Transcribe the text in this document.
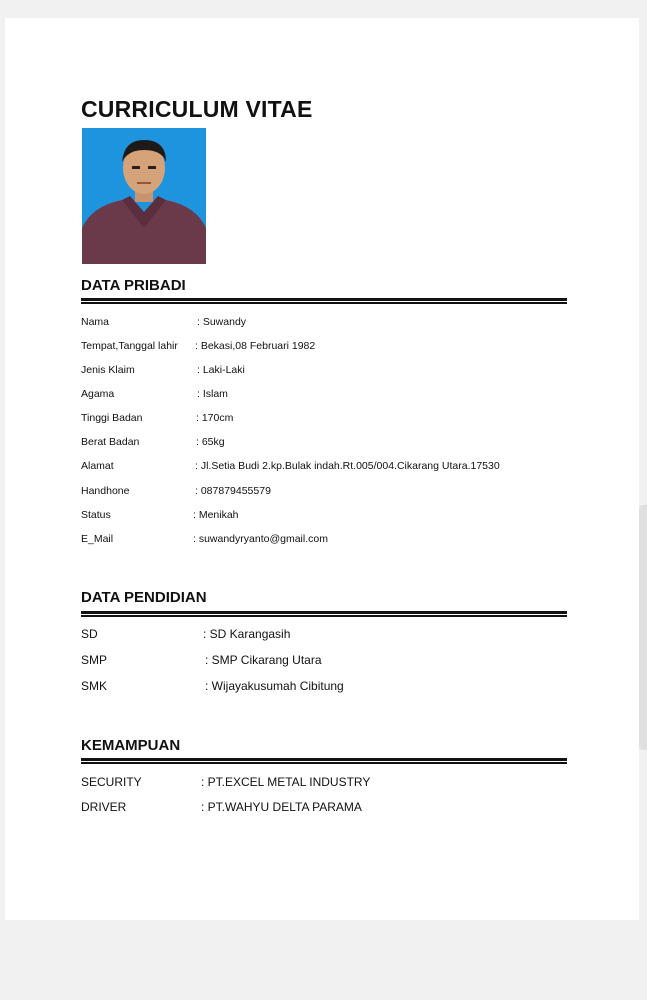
CURRICULUM VITAE
DATA PRIBADI
Nama	: Suwandy
Tempat,Tanggal lahir : Bekasi,08 Februari 1982
Jenis Klaim	: Laki-Laki
Agama	: Islam
Tinggi Badan	: 170cm
Berat Badan	: 65kg
Alamat	: Jl.Setia Budi 2.kp.Bulak indah.Rt.005/004.Cikarang Utara.17530
Handhone	: 087879455579
Status	: Menikah
E_Mail	: suwandyryanto@gmail.com
DATA PENDIDIAN
SD	: SD Karangasih
SMP	: SMP Cikarang Utara
SMK	: Wijayakusumah Cibitung
KEMAMPUAN
SECURITY	: PT.EXCEL METAL INDUSTRY
DRIVER	: PT.WAHYU DELTA PARAMA
